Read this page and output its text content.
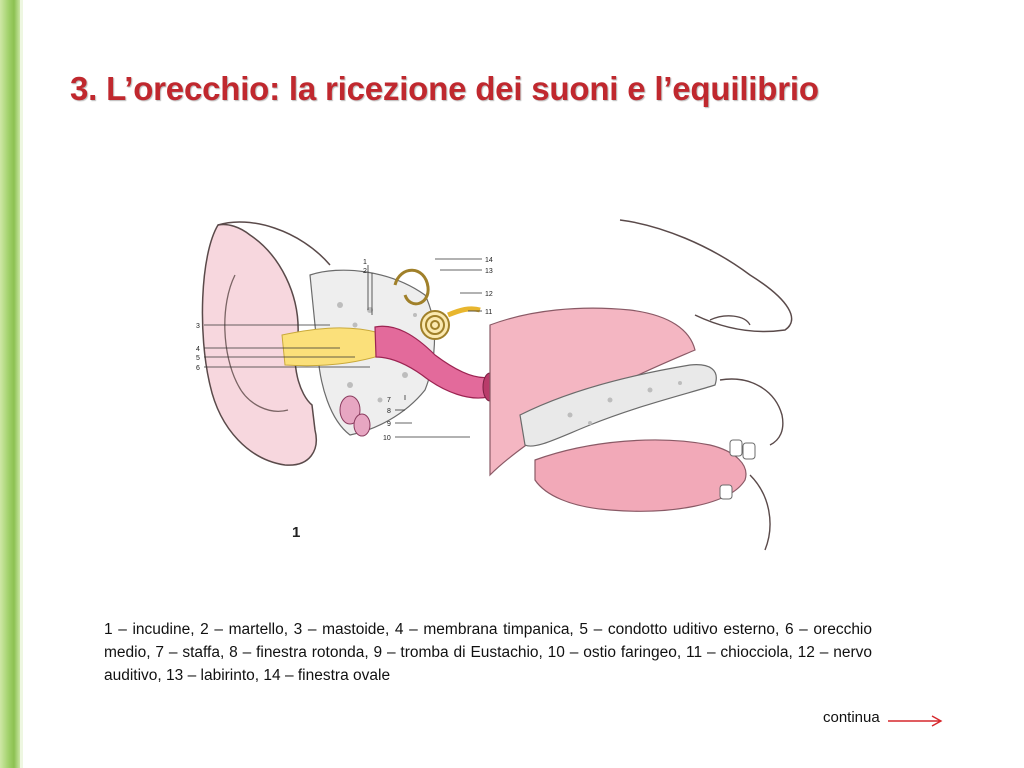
3. L’orecchio: la ricezione dei suoni e l’equilibrio
1
2
3
4
5
6
7
8
9
10
11
12
13
14
1

1 – incudine, 2 – martello, 3 – mastoide, 4 – membrana timpanica, 5 – condotto uditivo esterno, 6 – orecchio medio, 7 – staffa, 8 – finestra rotonda, 9 – tromba di Eustachio, 10 – ostio faringeo, 11 – chiocciola, 12 – nervo auditivo, 13 – labirinto, 14 – finestra ovale

continua
